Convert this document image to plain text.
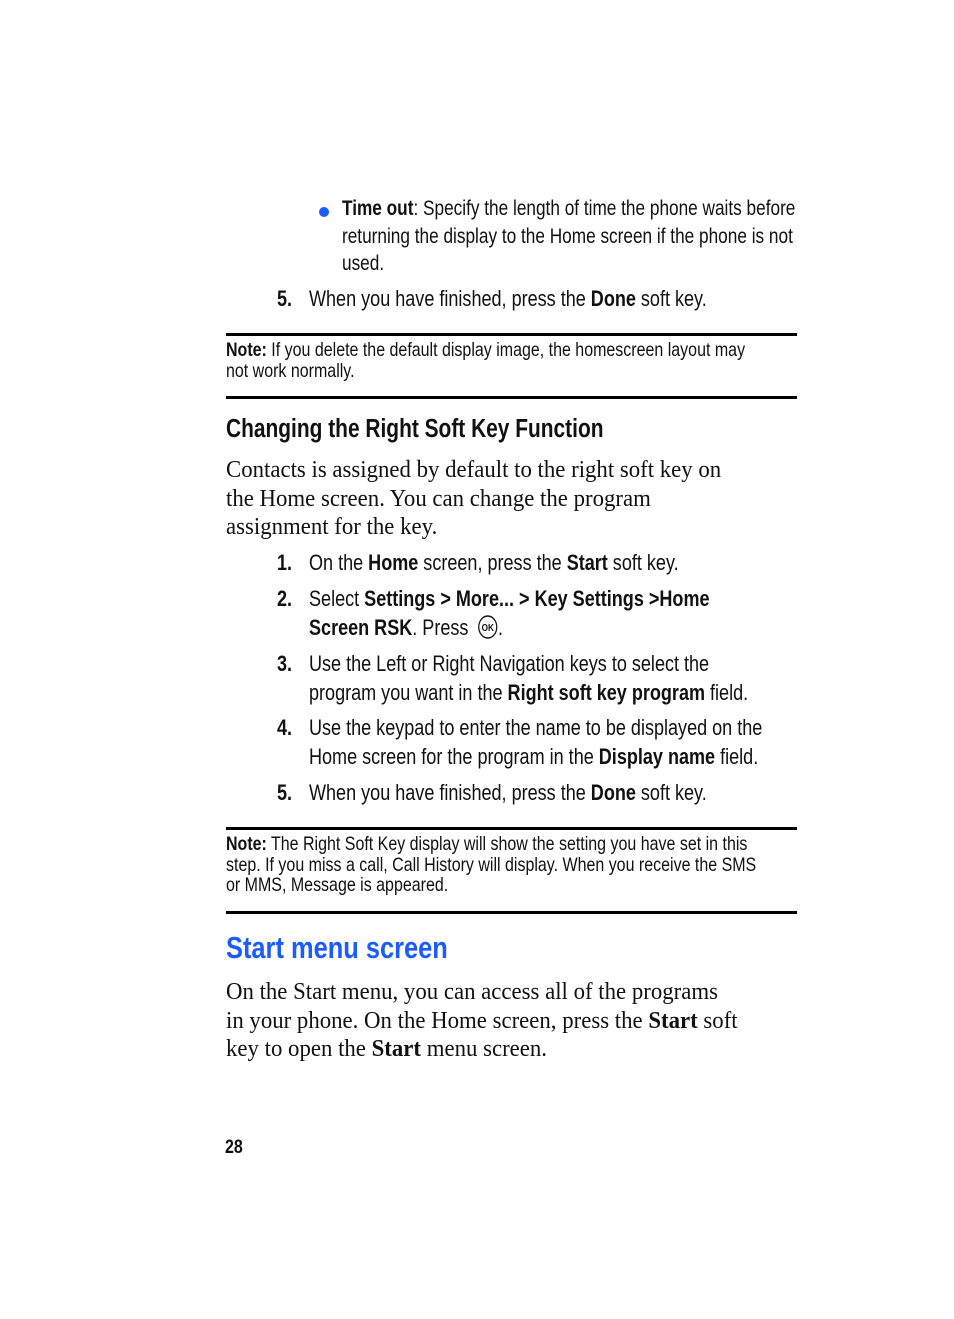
Time out: Specify the length of time the phone waits before
returning the display to the Home screen if the phone is not
used.
5. When you have finished, press the Done soft key.
Note: If you delete the default display image, the homescreen layout may
not work normally.
Changing the Right Soft Key Function
Contacts is assigned by default to the right soft key on
the Home screen. You can change the program
assignment for the key.
1. On the Home screen, press the Start soft key.
2. Select Settings > More... > Key Settings >Home
Screen RSK. Press OK .
3. Use the Left or Right Navigation keys to select the
program you want in the Right soft key program field.
4. Use the keypad to enter the name to be displayed on the
Home screen for the program in the Display name field.
5. When you have finished, press the Done soft key.
Note: The Right Soft Key display will show the setting you have set in this
step. If you miss a call, Call History will display. When you receive the SMS
or MMS, Message is appeared.
Start menu screen
On the Start menu, you can access all of the programs
in your phone. On the Home screen, press the Start soft
key to open the Start menu screen.
28
